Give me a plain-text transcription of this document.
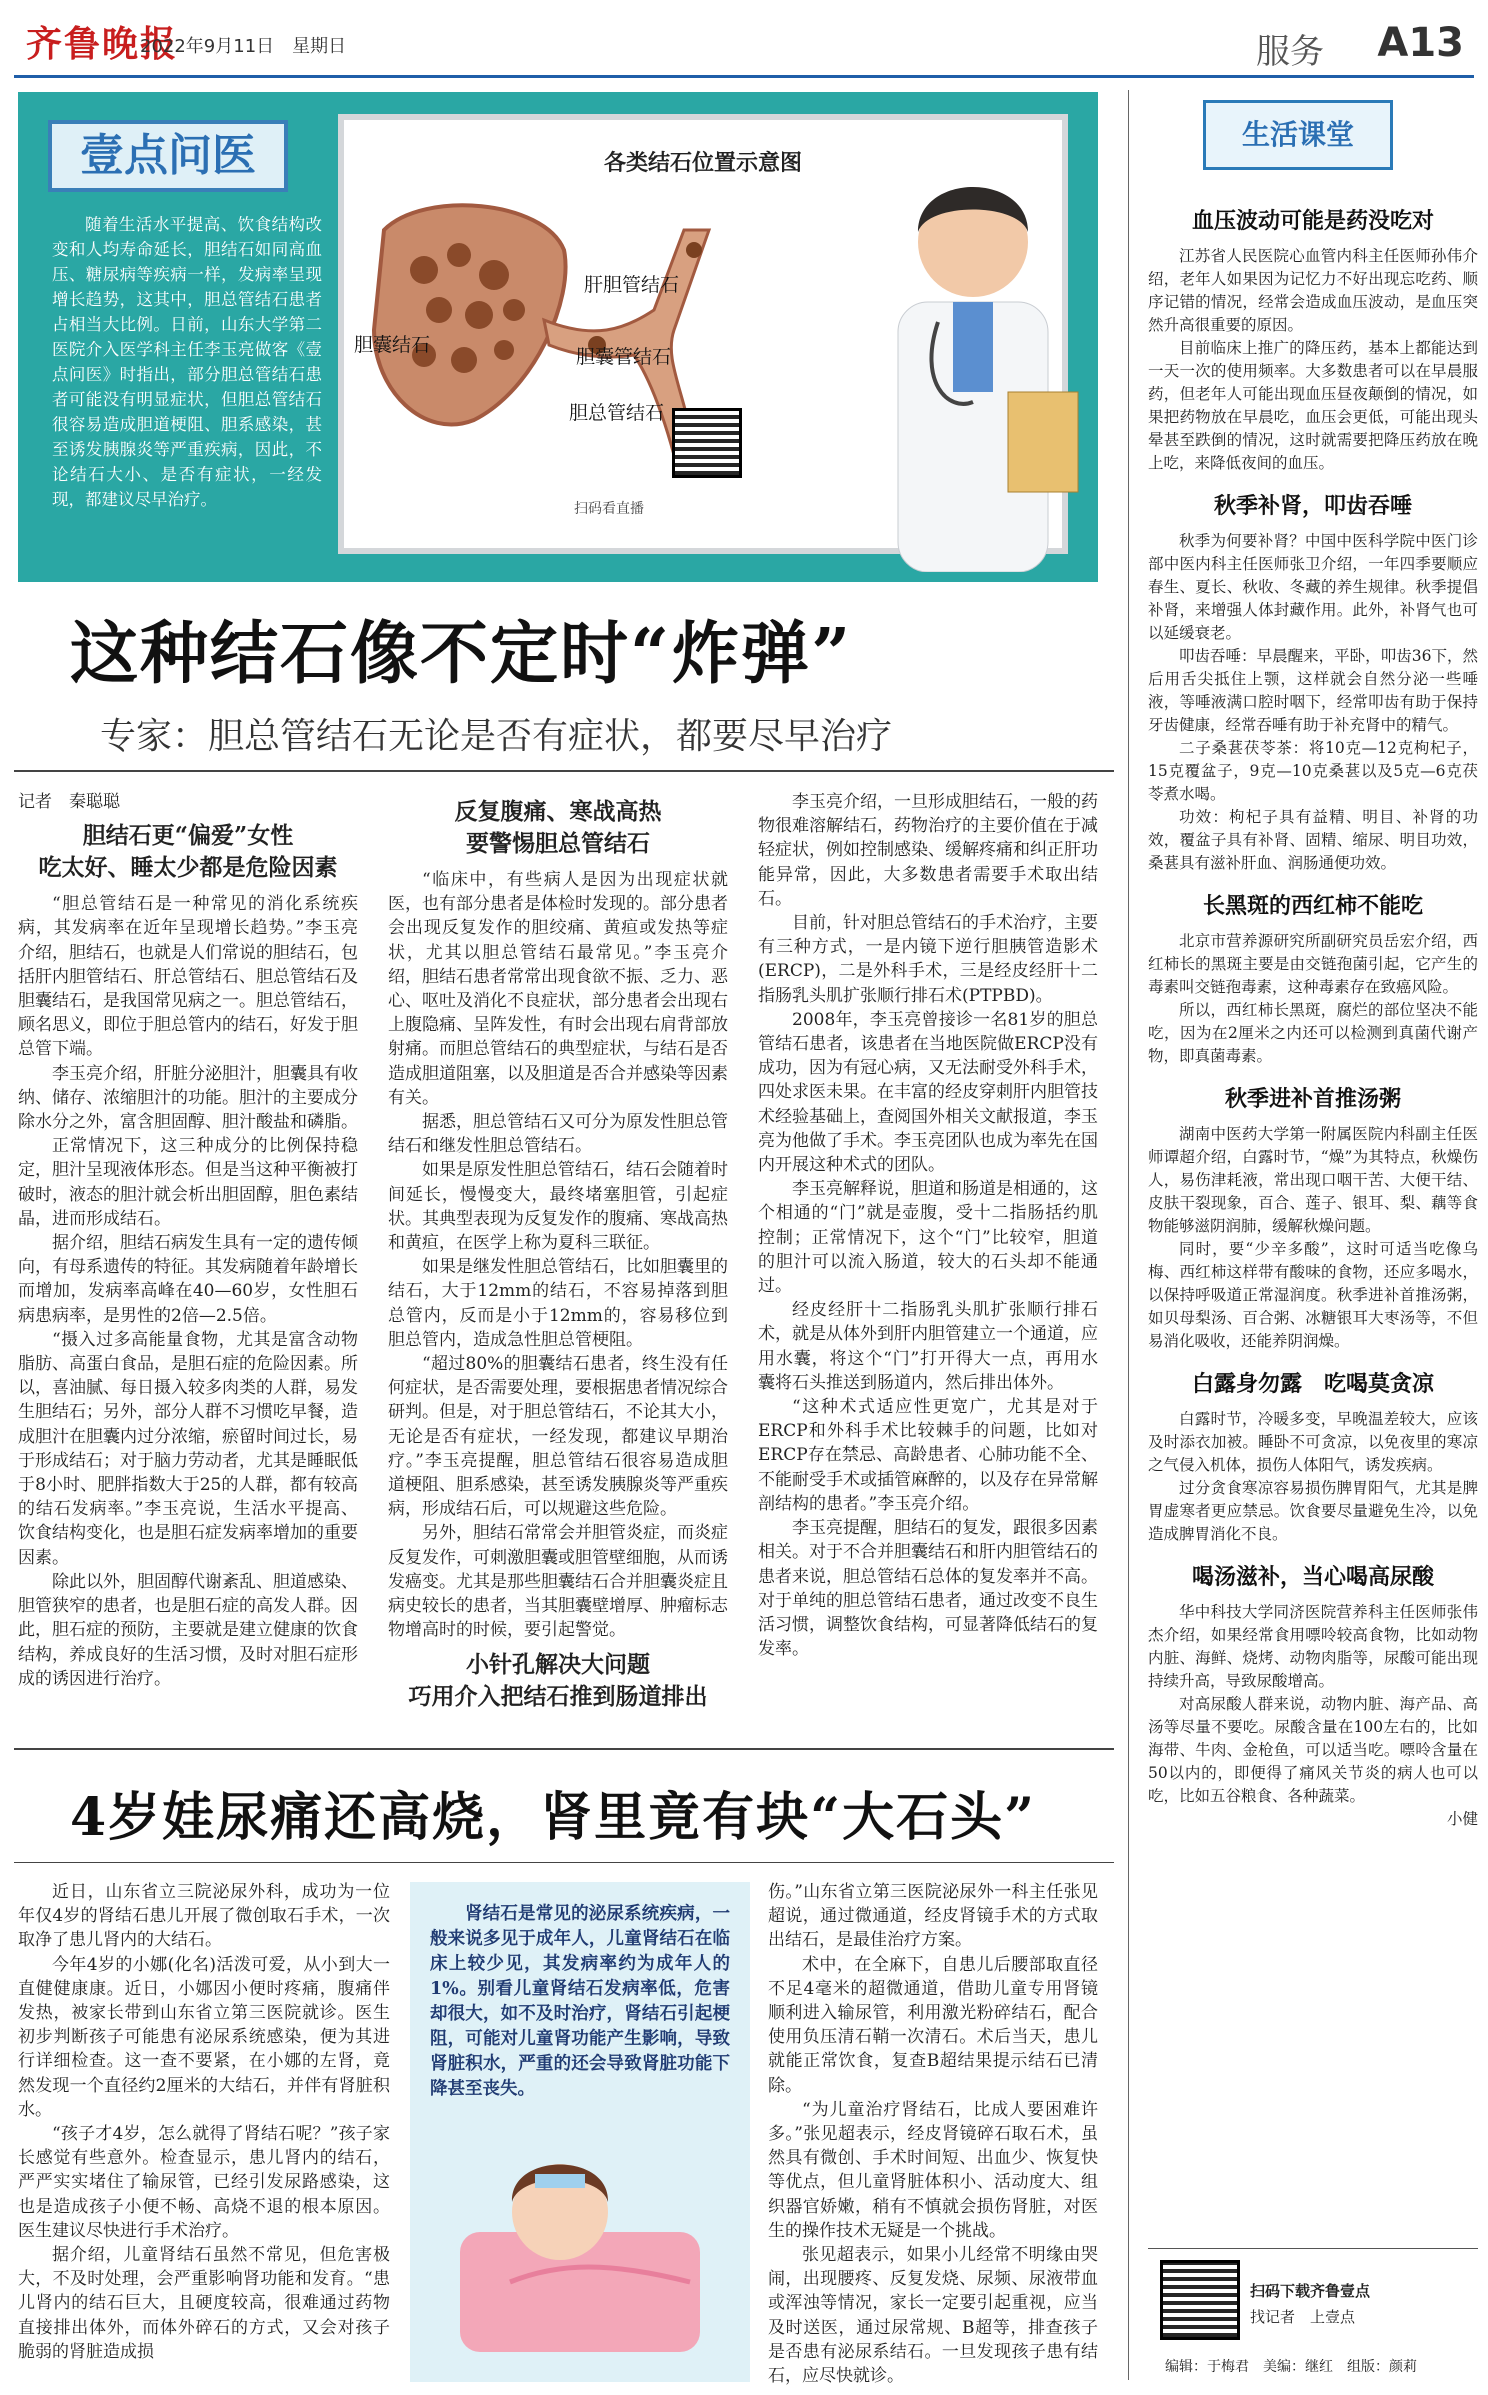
齐鲁晚报
2022年9月11日　星期日	服务 A13
壹点问医
随着生活水平提高、饮食结构改变和人均寿命延长，胆结石如同高血压、糖尿病等疾病一样，发病率呈现增长趋势，这其中，胆总管结石患者占相当大比例。日前，山东大学第二医院介入医学科主任李玉亮做客《壹点问医》时指出，部分胆总管结石患者可能没有明显症状，但胆总管结石很容易造成胆道梗阻、胆系感染，甚至诱发胰腺炎等严重疾病，因此，不论结石大小、是否有症状，一经发现，都建议尽早治疗。
各类结石位置示意图
肝胆管结石
胆囊结石
胆囊管结石
胆总管结石
扫码看直播
这种结石像不定时“炸弹”
专家：胆总管结石无论是否有症状，都要尽早治疗
记者　秦聪聪
胆结石更“偏爱”女性
吃太好、睡太少都是危险因素

“胆总管结石是一种常见的消化系统疾病，其发病率在近年呈现增长趋势。”李玉亮介绍，胆结石，也就是人们常说的胆结石，包括肝内胆管结石、肝总管结石、胆总管结石及胆囊结石，是我国常见病之一。胆总管结石，顾名思义，即位于胆总管内的结石，好发于胆总管下端。

李玉亮介绍，肝脏分泌胆汁，胆囊具有收纳、储存、浓缩胆汁的功能。胆汁的主要成分除水分之外，富含胆固醇、胆汁酸盐和磷脂。

正常情况下，这三种成分的比例保持稳定，胆汁呈现液体形态。但是当这种平衡被打破时，液态的胆汁就会析出胆固醇，胆色素结晶，进而形成结石。

据介绍，胆结石病发生具有一定的遗传倾向，有母系遗传的特征。其发病随着年龄增长而增加，发病率高峰在40—60岁，女性胆石病患病率，是男性的2倍—2.5倍。

“摄入过多高能量食物，尤其是富含动物脂肪、高蛋白食品，是胆石症的危险因素。所以，喜油腻、每日摄入较多肉类的人群，易发生胆结石；另外，部分人群不习惯吃早餐，造成胆汁在胆囊内过分浓缩，瘀留时间过长，易于形成结石；对于脑力劳动者，尤其是睡眠低于8小时、肥胖指数大于25的人群，都有较高的结石发病率。”李玉亮说，生活水平提高、饮食结构变化，也是胆石症发病率增加的重要因素。

除此以外，胆固醇代谢紊乱、胆道感染、胆管狭窄的患者，也是胆石症的高发人群。因此，胆石症的预防，主要就是建立健康的饮食结构，养成良好的生活习惯，及时对胆石症形成的诱因进行治疗。

反复腹痛、寒战高热
要警惕胆总管结石

“临床中，有些病人是因为出现症状就医，也有部分患者是体检时发现的。部分患者会出现反复发作的胆绞痛、黄疸或发热等症状，尤其以胆总管结石最常见。”李玉亮介绍，胆结石患者常常出现食欲不振、乏力、恶心、呕吐及消化不良症状，部分患者会出现右上腹隐痛、呈阵发性，有时会出现右肩背部放射痛。而胆总管结石的典型症状，与结石是否造成胆道阻塞，以及胆道是否合并感染等因素有关。

据悉，胆总管结石又可分为原发性胆总管结石和继发性胆总管结石。

如果是原发性胆总管结石，结石会随着时间延长，慢慢变大，最终堵塞胆管，引起症状。其典型表现为反复发作的腹痛、寒战高热和黄疸，在医学上称为夏科三联征。

如果是继发性胆总管结石，比如胆囊里的结石，大于12mm的结石，不容易掉落到胆总管内，反而是小于12mm的，容易移位到胆总管内，造成急性胆总管梗阻。

“超过80%的胆囊结石患者，终生没有任何症状，是否需要处理，要根据患者情况综合研判。但是，对于胆总管结石，不论其大小，无论是否有症状，一经发现，都建议早期治疗。”李玉亮提醒，胆总管结石很容易造成胆道梗阻、胆系感染，甚至诱发胰腺炎等严重疾病，形成结石后，可以规避这些危险。

另外，胆结石常常会并胆管炎症，而炎症反复发作，可刺激胆囊或胆管壁细胞，从而诱发癌变。尤其是那些胆囊结石合并胆囊炎症且病史较长的患者，当其胆囊壁增厚、肿瘤标志物增高时的时候，要引起警觉。

小针孔解决大问题
巧用介入把结石推到肠道排出

李玉亮介绍，一旦形成胆结石，一般的药物很难溶解结石，药物治疗的主要价值在于减轻症状，例如控制感染、缓解疼痛和纠正肝功能异常，因此，大多数患者需要手术取出结石。

目前，针对胆总管结石的手术治疗，主要有三种方式，一是内镜下逆行胆胰管造影术(ERCP)，二是外科手术，三是经皮经肝十二指肠乳头肌扩张顺行排石术(PTPBD)。

2008年，李玉亮曾接诊一名81岁的胆总管结石患者，该患者在当地医院做ERCP没有成功，因为有冠心病，又无法耐受外科手术，四处求医未果。在丰富的经皮穿刺肝内胆管技术经验基础上，查阅国外相关文献报道，李玉亮为他做了手术。李玉亮团队也成为率先在国内开展这种术式的团队。

李玉亮解释说，胆道和肠道是相通的，这个相通的“门”就是壶腹，受十二指肠括约肌控制；正常情况下，这个“门”比较窄，胆道的胆汁可以流入肠道，较大的石头却不能通过。

经皮经肝十二指肠乳头肌扩张顺行排石术，就是从体外到肝内胆管建立一个通道，应用水囊，将这个“门”打开得大一点，再用水囊将石头推送到肠道内，然后排出体外。

“这种术式适应性更宽广，尤其是对于ERCP和外科手术比较棘手的问题，比如对ERCP存在禁忌、高龄患者、心肺功能不全、不能耐受手术或插管麻醉的，以及存在异常解剖结构的患者。”李玉亮介绍。

李玉亮提醒，胆结石的复发，跟很多因素相关。对于不合并胆囊结石和肝内胆管结石的患者来说，胆总管结石总体的复发率并不高。对于单纯的胆总管结石患者，通过改变不良生活习惯，调整饮食结构，可显著降低结石的复发率。

4岁娃尿痛还高烧，肾里竟有块“大石头”

近日，山东省立三院泌尿外科，成功为一位年仅4岁的肾结石患儿开展了微创取石手术，一次取净了患儿肾内的大结石。

今年4岁的小娜(化名)活泼可爱，从小到大一直健健康康。近日，小娜因小便时疼痛，腹痛伴发热，被家长带到山东省立第三医院就诊。医生初步判断孩子可能患有泌尿系统感染，便为其进行详细检查。这一查不要紧，在小娜的左肾，竟然发现一个直径约2厘米的大结石，并伴有肾脏积水。

“孩子才4岁，怎么就得了肾结石呢？”孩子家长感觉有些意外。检查显示，患儿肾内的结石，严严实实堵住了输尿管，已经引发尿路感染，这也是造成孩子小便不畅、高烧不退的根本原因。医生建议尽快进行手术治疗。

据介绍，儿童肾结石虽然不常见，但危害极大，不及时处理，会严重影响肾功能和发育。“患儿肾内的结石巨大，且硬度较高，很难通过药物直接排出体外，而体外碎石的方式，又会对孩子脆弱的肾脏造成损

肾结石是常见的泌尿系统疾病，一般来说多见于成年人，儿童肾结石在临床上较少见，其发病率约为成年人的1%。别看儿童肾结石发病率低，危害却很大，如不及时治疗，肾结石引起梗阻，可能对儿童肾功能产生影响，导致肾脏积水，严重的还会导致肾脏功能下降甚至丧失。

伤。”山东省立第三医院泌尿外一科主任张见超说，通过微通道，经皮肾镜手术的方式取出结石，是最佳治疗方案。

术中，在全麻下，自患儿后腰部取直径不足4毫米的超微通道，借助儿童专用肾镜顺利进入输尿管，利用激光粉碎结石，配合使用负压清石鞘一次清石。术后当天，患儿就能正常饮食，复查B超结果提示结石已清除。

“为儿童治疗肾结石，比成人要困难许多。”张见超表示，经皮肾镜碎石取石术，虽然具有微创、手术时间短、出血少、恢复快等优点，但儿童肾脏体积小、活动度大、组织器官娇嫩，稍有不慎就会损伤肾脏，对医生的操作技术无疑是一个挑战。

张见超表示，如果小儿经常不明缘由哭闹，出现腰疼、反复发烧、尿频、尿液带血或浑浊等情况，家长一定要引起重视，应当及时送医，通过尿常规、B超等，排查孩子是否患有泌尿系结石。一旦发现孩子患有结石，应尽快就诊。

生活课堂
血压波动可能是药没吃对

江苏省人民医院心血管内科主任医师孙伟介绍，老年人如果因为记忆力不好出现忘吃药、顺序记错的情况，经常会造成血压波动，是血压突然升高很重要的原因。

目前临床上推广的降压药，基本上都能达到一天一次的使用频率。大多数患者可以在早晨服药，但老年人可能出现血压昼夜颠倒的情况，如果把药物放在早晨吃，血压会更低，可能出现头晕甚至跌倒的情况，这时就需要把降压药放在晚上吃，来降低夜间的血压。

秋季补肾，叩齿吞唾

秋季为何要补肾？中国中医科学院中医门诊部中医内科主任医师张卫介绍，一年四季要顺应春生、夏长、秋收、冬藏的养生规律。秋季提倡补肾，来增强人体封藏作用。此外，补肾气也可以延缓衰老。

叩齿吞唾：早晨醒来，平卧，叩齿36下，然后用舌尖抵住上颚，这样就会自然分泌一些唾液，等唾液满口腔时咽下，经常叩齿有助于保持牙齿健康，经常吞唾有助于补充肾中的精气。

二子桑葚茯苓茶：将10克—12克枸杞子，15克覆盆子，9克—10克桑葚以及5克—6克茯苓煮水喝。

功效：枸杞子具有益精、明目、补肾的功效，覆盆子具有补肾、固精、缩尿、明目功效，桑葚具有滋补肝血、润肠通便功效。

长黑斑的西红柿不能吃

北京市营养源研究所副研究员岳宏介绍，西红柿长的黑斑主要是由交链孢菌引起，它产生的毒素叫交链孢毒素，这种毒素存在致癌风险。

所以，西红柿长黑斑，腐烂的部位坚决不能吃，因为在2厘米之内还可以检测到真菌代谢产物，即真菌毒素。

秋季进补首推汤粥

湖南中医药大学第一附属医院内科副主任医师谭超介绍，白露时节，“燥”为其特点，秋燥伤人，易伤津耗液，常出现口咽干苦、大便干结、皮肤干裂现象，百合、莲子、银耳、梨、藕等食物能够滋阴润肺，缓解秋燥问题。

同时，要“少辛多酸”，这时可适当吃像乌梅、西红柿这样带有酸味的食物，还应多喝水，以保持呼吸道正常湿润度。秋季进补首推汤粥，如贝母梨汤、百合粥、冰糖银耳大枣汤等，不但易消化吸收，还能养阴润燥。

白露身勿露　吃喝莫贪凉

白露时节，冷暖多变，早晚温差较大，应该及时添衣加被。睡卧不可贪凉，以免夜里的寒凉之气侵入机体，损伤人体阳气，诱发疾病。

过分贪食寒凉容易损伤脾胃阳气，尤其是脾胃虚寒者更应禁忌。饮食要尽量避免生冷，以免造成脾胃消化不良。

喝汤滋补，当心喝高尿酸

华中科技大学同济医院营养科主任医师张伟杰介绍，如果经常食用嘌呤较高食物，比如动物内脏、海鲜、烧烤、动物肉脂等，尿酸可能出现持续升高，导致尿酸增高。

对高尿酸人群来说，动物内脏、海产品、高汤等尽量不要吃。尿酸含量在100左右的，比如海带、牛肉、金枪鱼，可以适当吃。嘌呤含量在50以内的，即便得了痛风关节炎的病人也可以吃，比如五谷粮食、各种蔬菜。

小健
扫码下载齐鲁壹点
找记者　上壹点
编辑：于梅君　美编：继红　组版：颜莉
